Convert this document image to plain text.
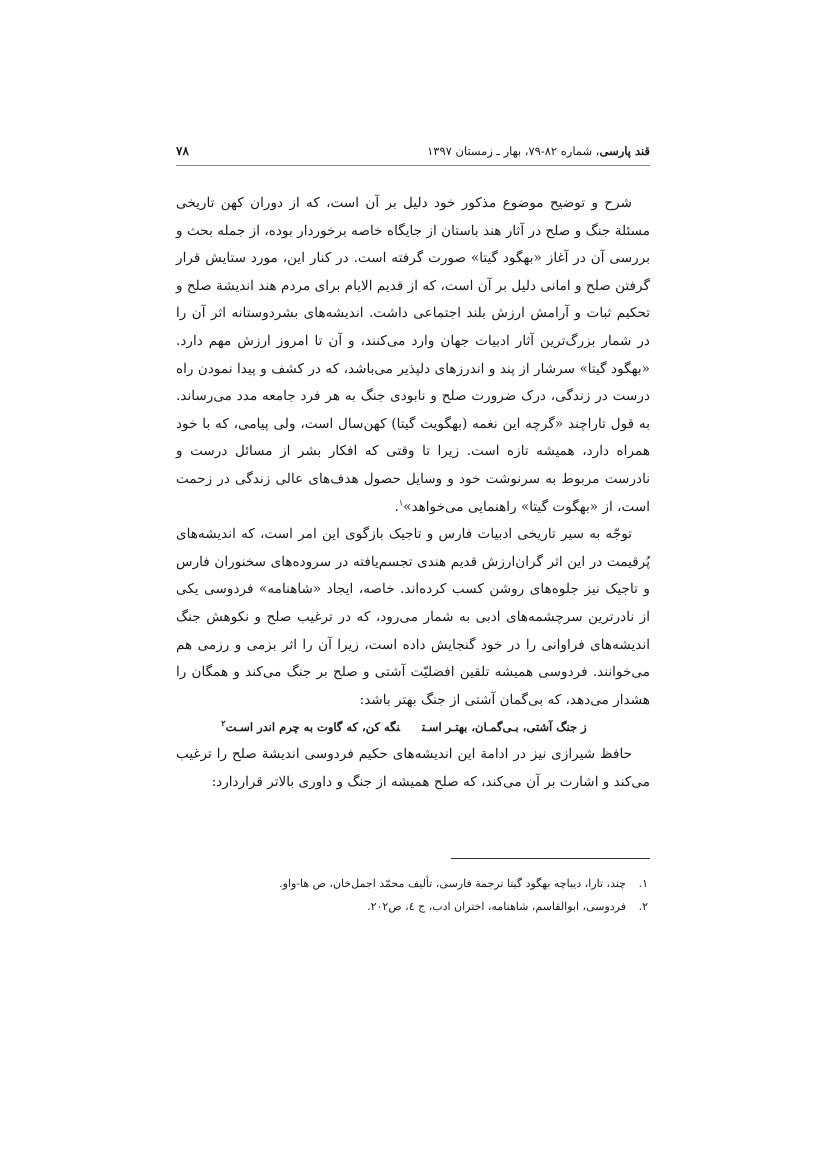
قند پارسی، شماره ۸۲-۷۹، بهار ـ زمستان ۱۳۹۷
۷۸

شرح و توضیح موضوع مذکور خود دلیل بر آن است، که از دوران کهن تاریخی مسئلة جنگ و صلح در آثار هند باستان از جایگاه خاصه برخوردار بوده، از جمله بحث و بررسی آن در آغاز «بهگود گیتا» صورت گرفته است. در کنار این، مورد ستایش قرار گرفتن صلح و امانی دلیل بر آن است، که از قدیم الایام برای مردم هند اندیشة صلح و تحکیم ثبات و آرامش ارزش بلند اجتماعی داشت. اندیشه‌های بشردوستانه اثر آن را در شمار بزرگ‌ترین آثار ادبیات جهان وارد می‌کنند، و آن تا امروز ارزش مهم دارد. «بهگود گیتا» سرشار از پند و اندرزهای دلپذیر می‌باشد، که در کشف و پیدا نمودن راه درست در زندگی، درک ضرورت صلح و نابودی جنگ به هر فرد جامعه مدد می‌رساند. به قول تاراچند «گرچه این نغمه (بهگویت گیتا) کهن‌سال است، ولی پیامی، که با خود همراه دارد، همیشه تازه است. زیرا تا وقتی که افکار بشر از مسائل درست و نادرست مربوط به سرنوشت خود و وسایل حصول هدف‌های عالی زندگی در زحمت است، از «بهگوت گیتا» راهنمایی می‌خواهد»$^۱$.

توجّه به سیر تاریخی ادبیات فارس و تاجیک بازگوی این امر است، که اندیشه‌های پُرقیمت در این اثر گران‌ارزش قدیم هندی تجسم‌یافته در سروده‌های سخنوران فارس و تاجیک نیز جلوه‌های روشن کسب کرده‌اند. خاصه، ایجاد «شاهنامه» فردوسی یکی از نادرترین سرچشمه‌های ادبی به شمار می‌رود، که در ترغیب صلح و نکوهش جنگ اندیشه‌های فراوانی را در خود گنجایش داده است، زیرا آن را اثر بزمی و رزمی هم می‌خوانند. فردوسی همیشه تلقین افضلیّت آشتی و صلح بر جنگ می‌کند و همگان را هشدار می‌دهد، که بی‌گمان آشتی از جنگ بهتر باشد:

ز جنگ آشتی، بـی‌گمـان، بهتـر اسـتنگه کن، که گاوت به چرم اندر اسـت$^۲$

حافظ شیرازی نیز در ادامة این اندیشه‌های حکیم فردوسی اندیشة صلح را ترغیب می‌کند و اشارت بر آن می‌کند، که صلح همیشه از جنگ و داوری بالاتر قراردارد:

۱.
چند، تارا، دیباچه بهگود گیتا ترجمة فارسی، تألیف محمّد اجمل‌خان، ص ها-واو.
۲.
فردوسی، ابوالقاسم، شاهنامه، اختران ادب، ج ٤، ص۲۰۲.
